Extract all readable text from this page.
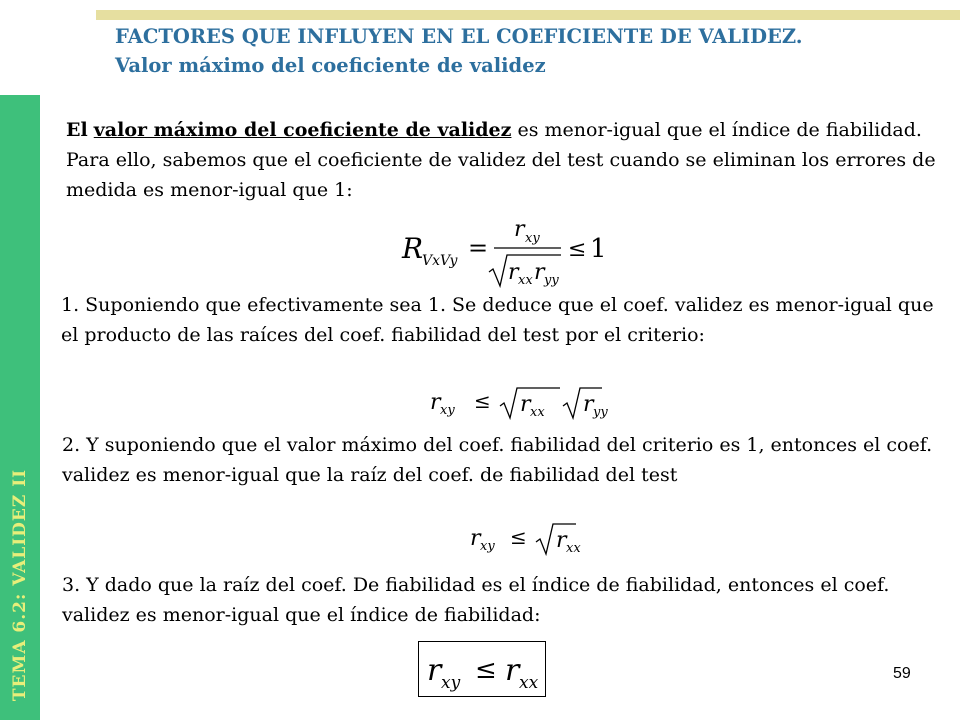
TEMA 6.2: VALIDEZ II
FACTORES QUE INFLUYEN EN EL COEFICIENTE DE VALIDEZ.
Valor máximo del coeficiente de validez
El valor máximo del coeficiente de validez es menor-igual que el índice de fiabilidad. Para ello, sabemos que el coeficiente de validez del test cuando se eliminan los errores de medida es menor-igual que 1:
R
VxVy =
r xy
r xx r yy
≤ 1
1. Suponiendo que efectivamente sea 1. Se deduce que el coef. validez es menor-igual que el producto de las raíces del coef. fiabilidad del test por el criterio:
r xy ≤ r xx r yy
2. Y suponiendo que el valor máximo del coef. fiabilidad del criterio es 1, entonces el coef. validez es menor-igual que la raíz del coef. de fiabilidad del test
r xy ≤ r xx
3. Y dado que la raíz del coef. De fiabilidad es el índice de fiabilidad, entonces el coef. validez es menor-igual que el índice de fiabilidad:
r xy ≤ r xx	59
